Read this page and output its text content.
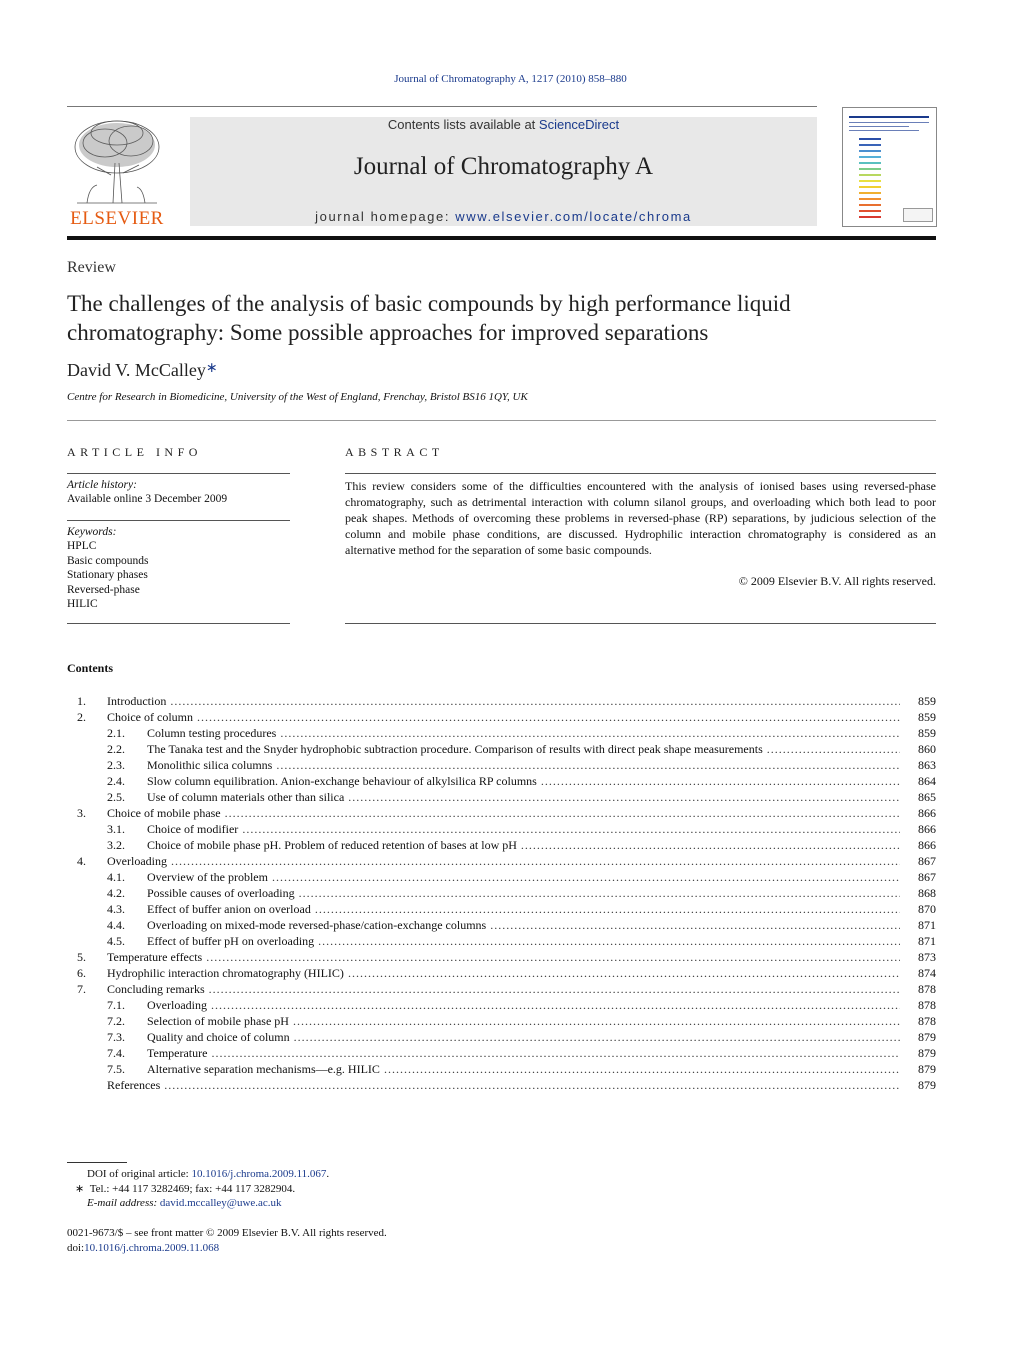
Journal of Chromatography A, 1217 (2010) 858–880
ELSEVIER
Contents lists available at ScienceDirect
Journal of Chromatography A
journal homepage: www.elsevier.com/locate/chroma
Review
The challenges of the analysis of basic compounds by high performance liquid chromatography: Some possible approaches for improved separations
David V. McCalley∗
Centre for Research in Biomedicine, University of the West of England, Frenchay, Bristol BS16 1QY, UK
ARTICLE INFO
Article history:
Available online 3 December 2009
Keywords:
HPLC
Basic compounds
Stationary phases
Reversed-phase
HILIC
ABSTRACT
This review considers some of the difficulties encountered with the analysis of ionised bases using reversed-phase chromatography, such as detrimental interaction with column silanol groups, and overloading which both lead to poor peak shapes. Methods of overcoming these problems in reversed-phase (RP) separations, by judicious selection of the column and mobile phase conditions, are discussed. Hydrophilic interaction chromatography is considered as an alternative method for the separation of some basic compounds.
© 2009 Elsevier B.V. All rights reserved.
Contents
1.	Introduction .....	859
2.	Choice of column .....	859
2.1.	Column testing procedures .....	859
2.2.	The Tanaka test and the Snyder hydrophobic subtraction procedure. Comparison of results with direct peak shape measurements .....	860
2.3.	Monolithic silica columns .....	863
2.4.	Slow column equilibration. Anion-exchange behaviour of alkylsilica RP columns .....	864
2.5.	Use of column materials other than silica .....	865
3.	Choice of mobile phase .....	866
3.1.	Choice of modifier .....	866
3.2.	Choice of mobile phase pH. Problem of reduced retention of bases at low pH .....	866
4.	Overloading .....	867
4.1.	Overview of the problem .....	867
4.2.	Possible causes of overloading .....	868
4.3.	Effect of buffer anion on overload .....	870
4.4.	Overloading on mixed-mode reversed-phase/cation-exchange columns .....	871
4.5.	Effect of buffer pH on overloading .....	871
5.	Temperature effects .....	873
6.	Hydrophilic interaction chromatography (HILIC) .....	874
7.	Concluding remarks .....	878
7.1.	Overloading .....	878
7.2.	Selection of mobile phase pH .....	878
7.3.	Quality and choice of column .....	879
7.4.	Temperature .....	879
7.5.	Alternative separation mechanisms—e.g. HILIC .....	879
References .....	879
DOI of original article: 10.1016/j.chroma.2009.11.067.
∗ Tel.: +44 117 3282469; fax: +44 117 3282904.
E-mail address: david.mccalley@uwe.ac.uk
0021-9673/$ – see front matter © 2009 Elsevier B.V. All rights reserved.
doi:10.1016/j.chroma.2009.11.068
